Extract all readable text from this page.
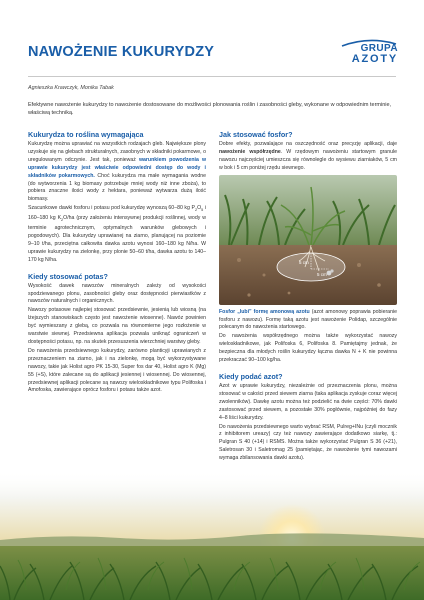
NAWOŻENIE KUKURYDZY	GRUPA
AZOTY
Agnieszka Krawczyk, Monika Tabak
Efektywne nawożenie kukurydzy to nawożenie dostosowane do możliwości plonowania roślin i zasobności gleby, wykonane w odpowiednim terminie, właściwą techniką.
Kukurydza to roślina wymagająca
Kukurydzę można uprawiać na wszystkich rodzajach gleb. Największe plony uzyskuje się na glebach strukturalnych, zasobnych w składniki pokarmowe, o uregulowanym odczynie. Jest tak, ponieważ warunkiem powodzenia w uprawie kukurydzy jest właściwie odpowiedni dostęp do wody i składników pokarmowych. Choć kukurydza ma małe wymagania wodne (do wytworzenia 1 kg biomasy potrzebuje mniej wody niż inne zboża), to pobiera znaczne ilości wody z hektara, ponieważ wytwarza dużą ilość biomasy.
Szacunkowe dawki fosforu i potasu pod kukurydzę wynoszą 60–80 kg $P_2O_5$ i 160–180 kg $K_2O/ha$ (przy założeniu intensywnej produkcji roślinnej, wody w terminie agrotechnicznym, optymalnych warunków glebowych i pogodowych). Dla kukurydzy uprawianej na ziarno, planującej na poziomie 9–10 t/ha, przeciętna całkowita dawka azotu wynosi 160–180 kg N/ha. W uprawie kukurydzy na zielonkę, przy plonie 50–60 t/ha, dawka azotu to 140–170 kg N/ha.
Kiedy stosować potas?
Wysokość dawek nawozów mineralnych zależy od wysokości spodziewanego plonu, zasobności gleby oraz dostępności pierwiastków z nawozów naturalnych i organicznych.
Nawozy potasowe najlepiej stosować przedsiewnie, jesienią lub wiosną (na lżejszych stanowiskach często jest nawożenie wiosenne). Nawóz powinien być wymieszany z glebą, co pozwala na równomierne jego rozłożenie w warstwie siewnej. Przedsiewna aplikacja pozwala uniknąć ograniczeń w dostępności potasu, np. na skutek przesuszenia wierzchniej warstwy gleby.
Do nawożenia przedsiewnego kukurydzy, zarówno planticyji uprawianych z przeznaczeniem na ziarno, jak i na zielonkę, mogą być wykorzystywane nawozy, takie jak Holist agro PK 15-30, Super fos dar 40, Holist agro K (Mg) 55 (+S), które zalecane są do aplikacji jesiennej i wiosennej. Do wiosennej, przedsiewnej aplikacji polecane są nawozy wieloskładnikowe typu Polifoska i Amofoska, zawierające oprócz fosforu i potasu także azot.
Jak stosować fosfor?
Dobre efekty, pozwalające na oszczędność oraz precyzję aplikacji, daje nawożenie współrzędne. W rzędowym nawożeniu startowym granule nawozu najczęściej umieszcza się równolegle do wysiewu ziarniaków, 5 cm w bok i 5 cm poniżej rzędu siewnego.
5 cm
5 cm
Fosfor „lubi” formę amonową azotu (azot amonowy poprawia pobieranie fosforu z nawozu). Formę taką azotu jest nawożenie Polidap, szczególnie polecanym do nawożenia startowego.
Do nawożenia współrzędnego można także wykorzystać nawozy wieloskładnikowe, jak Polifoska 6, Polifoska 8. Pamiętajmy jednak, że bezpieczna dla młodych roślin kukurydzy łączna dawka N + K nie powinna przekraczać 90–100 kg/ha.
Kiedy podać azot?
Azot w uprawie kukurydzy, niezależnie od przeznaczenia plonu, można stosować w całości przed siewem ziarna (taka aplikacja zyskuje coraz więcej zwolenników). Dawkę azotu można też podzielić na dwie części: 70% dawki zastosować przed siewem, a pozostałe 30% pogłównie, najpóźniej do fazy 4–8 liści kukurydzy.
Do nawożenia przedsiewnego warto wybrać RSM, Pulreg+INu (czyli mocznik z inhibitorem ureazy) czy też nawozy zawierające dodatkowo siarkę, tj.: Pulgran S 40 (+14) i RSMS. Można także wykorzystać Pulgran S 36 (+21), Saletrosan 30 i Saletromag 25 (pamiętając, że nawożenie tymi nawozami wymaga zbilansowania dawki azotu).
